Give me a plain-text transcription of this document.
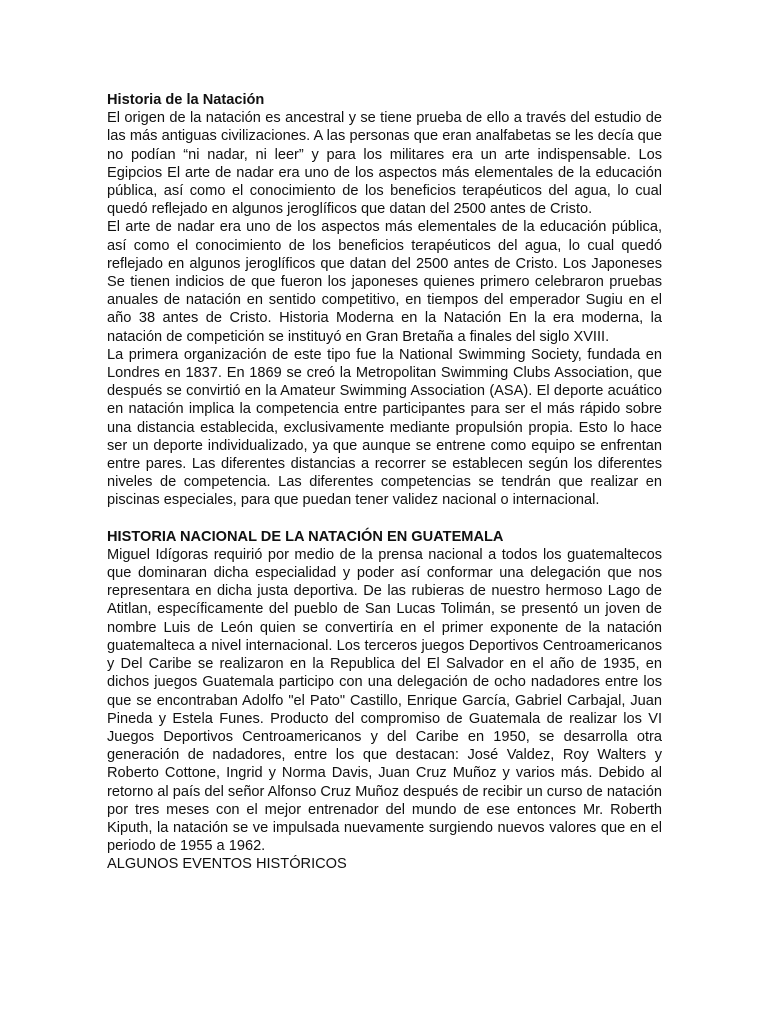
Historia de la Natación

El origen de la natación es ancestral y se tiene prueba de ello a través del estudio de las más antiguas civilizaciones. A las personas que eran analfabetas se les decía que no podían “ni nadar, ni leer” y para los militares era un arte indispensable. Los Egipcios El arte de nadar era uno de los aspectos más elementales de la educación pública, así como el conocimiento de los beneficios terapéuticos del agua, lo cual quedó reflejado en algunos jeroglíficos que datan del 2500 antes de Cristo.

El arte de nadar era uno de los aspectos más elementales de la educación pública, así como el conocimiento de los beneficios terapéuticos del agua, lo cual quedó reflejado en algunos jeroglíficos que datan del 2500 antes de Cristo. Los Japoneses Se tienen indicios de que fueron los japoneses quienes primero celebraron pruebas anuales de natación en sentido competitivo, en tiempos del emperador Sugiu en el año 38 antes de Cristo. Historia Moderna en la Natación En la era moderna, la natación de competición se instituyó en Gran Bretaña a finales del siglo XVIII.

La primera organización de este tipo fue la National Swimming Society, fundada en Londres en 1837. En 1869 se creó la Metropolitan Swimming Clubs Association, que después se convirtió en la Amateur Swimming Association (ASA). El deporte acuático en natación implica la competencia entre participantes para ser el más rápido sobre una distancia establecida, exclusivamente mediante propulsión propia. Esto lo hace ser un deporte individualizado, ya que aunque se entrene como equipo se enfrentan entre pares. Las diferentes distancias a recorrer se establecen según los diferentes niveles de competencia. Las diferentes competencias se tendrán que realizar en piscinas especiales, para que puedan tener validez nacional o internacional.

HISTORIA NACIONAL DE LA NATACIÓN EN GUATEMALA

Miguel Idígoras requirió por medio de la prensa nacional a todos los guatemaltecos que dominaran dicha especialidad y poder así conformar una delegación que nos representara en dicha justa deportiva. De las rubieras de nuestro hermoso Lago de Atitlan, específicamente del pueblo de San Lucas Tolimán, se presentó un joven de nombre Luis de León quien se convertiría en el primer exponente de la natación guatemalteca a nivel internacional. Los terceros juegos Deportivos Centroamericanos y Del Caribe se realizaron en la Republica del El Salvador en el año de 1935, en dichos juegos Guatemala participo con una delegación de ocho nadadores entre los que se encontraban Adolfo "el Pato" Castillo, Enrique García, Gabriel Carbajal, Juan Pineda y Estela Funes. Producto del compromiso de Guatemala de realizar los VI Juegos Deportivos Centroamericanos y del Caribe en 1950, se desarrolla otra generación de nadadores, entre los que destacan: José Valdez, Roy Walters y Roberto Cottone, Ingrid y Norma Davis, Juan Cruz Muñoz y varios más. Debido al retorno al país del señor Alfonso Cruz Muñoz después de recibir un curso de natación por tres meses con el mejor entrenador del mundo de ese entonces Mr. Roberth Kiputh, la natación se ve impulsada nuevamente surgiendo nuevos valores que en el periodo de 1955 a 1962.

ALGUNOS EVENTOS HISTÓRICOS
